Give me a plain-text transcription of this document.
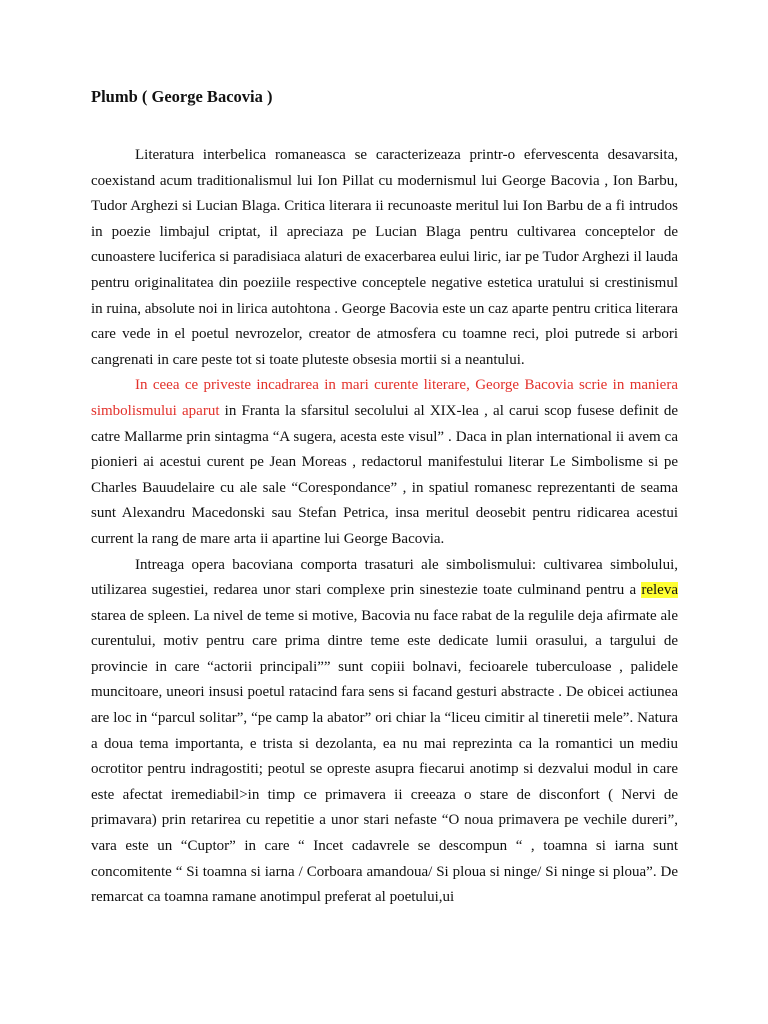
Plumb ( George Bacovia )

Literatura interbelica romaneasca se caracterizeaza printr-o efervescenta desavarsita, coexistand acum traditionalismul lui Ion Pillat cu modernismul lui George Bacovia , Ion Barbu, Tudor Arghezi si Lucian Blaga. Critica literara ii recunoaste meritul lui Ion Barbu de a fi intrudos in poezie limbajul criptat, il apreciaza pe Lucian Blaga pentru cultivarea conceptelor de cunoastere luciferica si paradisiaca alaturi de exacerbarea eului liric, iar pe Tudor Arghezi il lauda pentru originalitatea din poeziile respective conceptele negative estetica uratului si crestinismul in ruina, absolute noi in lirica autohtona . George Bacovia este un caz aparte pentru critica literara care vede in el poetul nevrozelor, creator de atmosfera cu toamne reci, ploi putrede si arbori cangrenati in care peste tot si toate pluteste obsesia mortii si a neantului.

In ceea ce priveste incadrarea in mari curente literare, George Bacovia scrie in maniera simbolismului aparut in Franta la sfarsitul secolului al XIX-lea , al carui scop fusese definit de catre Mallarme prin sintagma “A sugera, acesta este visul” . Daca in plan international ii avem ca pionieri ai acestui curent pe Jean Moreas , redactorul manifestului literar Le Simbolisme si pe Charles Bauudelaire cu ale sale “Corespondance” , in spatiul romanesc reprezentanti de seama sunt Alexandru Macedonski sau Stefan Petrica, insa meritul deosebit pentru ridicarea acestui current la rang de mare arta ii apartine lui George Bacovia.

Intreaga opera bacoviana comporta trasaturi ale simbolismului: cultivarea simbolului, utilizarea sugestiei, redarea unor stari complexe prin sinestezie toate culminand pentru a releva starea de spleen. La nivel de teme si motive, Bacovia nu face rabat de la regulile deja afirmate ale curentului, motiv pentru care prima dintre teme este dedicate lumii orasului, a targului de provincie in care “actorii principali”” sunt copiii bolnavi, fecioarele tuberculoase , palidele muncitoare, uneori insusi poetul ratacind fara sens si facand gesturi abstracte . De obicei actiunea are loc in “parcul solitar”, “pe camp la abator” ori chiar la “liceu cimitir al tineretii mele”. Natura a doua tema importanta, e trista si dezolanta, ea nu mai reprezinta ca la romantici un mediu ocrotitor pentru indragostiti; peotul se opreste asupra fiecarui anotimp si dezvalui modul in care este afectat iremediabil>in timp ce primavera ii creeaza o stare de disconfort ( Nervi de primavara) prin retarirea cu repetitie a unor stari nefaste “O noua primavera pe vechile dureri”, vara este un “Cuptor” in care “ Incet cadavrele se descompun “ , toamna si iarna sunt concomitente “ Si toamna si iarna / Corboara amandoua/ Si ploua si ninge/ Si ninge si ploua”. De remarcat ca toamna ramane anotimpul preferat al poetului,ui
